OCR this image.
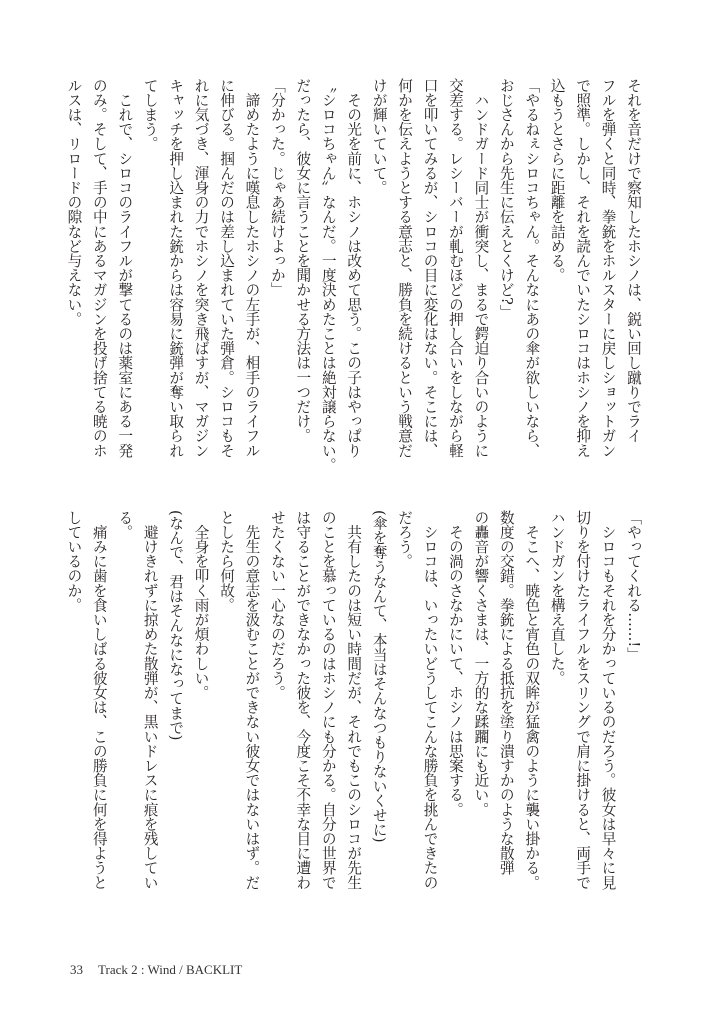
それを音だけで察知したホシノは、鋭い回し蹴りでライ
フルを弾くと同時、拳銃をホルスターに戻しショットガン
で照準。しかし、それを読んでいたシロコはホシノを抑え
込もうとさらに距離を詰める。
「やるねぇシロコちゃん。そんなにあの傘が欲しいなら、
おじさんから先生に伝えとくけど?」
　ハンドガード同士が衝突し、まるで鍔迫り合いのように
交差する。レシーバーが軋むほどの押し合いをしながら軽
口を叩いてみるが、シロコの目に変化はない。そこには、
何かを伝えようとする意志と、勝負を続けるという戦意だ
けが輝いていて。
　その光を前に、ホシノは改めて思う。この子はやっぱり
〝シロコちゃん〟なんだ。一度決めたことは絶対譲らない。
だったら、彼女に言うことを聞かせる方法は一つだけ。
「分かった。じゃあ続けよっか」
　諦めたように嘆息したホシノの左手が、相手のライフル
に伸びる。掴んだのは差し込まれていた弾倉。シロコもそ
れに気づき、渾身の力でホシノを突き飛ばすが、マガジン
キャッチを押し込まれた銃からは容易に銃弾が奪い取られ
てしまう。
　これで、シロコのライフルが撃てるのは薬室にある一発
のみ。そして、手の中にあるマガジンを投げ捨てる暁のホ
ルスは、リロードの隙など与えない。
「やってくれる……!」
　シロコもそれを分かっているのだろう。彼女は早々に見
切りを付けたライフルをスリングで肩に掛けると、両手で
ハンドガンを構え直した。
　そこへ、暁色と宵色の双眸が猛禽のように襲い掛かる。
数度の交錯。拳銃による抵抗を塗り潰すかのような散弾
の轟音が響くさまは、一方的な蹂躙にも近い。
　その渦のさなかにいて、ホシノは思案する。
　シロコは、いったいどうしてこんな勝負を挑んできたの
だろう。
(傘を奪うなんて、本当はそんなつもりないくせに)
　共有したのは短い時間だが、それでもこのシロコが先生
のことを慕っているのはホシノにも分かる。自分の世界で
は守ることができなかった彼を、今度こそ不幸な目に遭わ
せたくない一心なのだろう。
　先生の意志を汲むことができない彼女ではないはず。だ
としたら何故。
　全身を叩く雨が煩わしい。
(なんで、君はそんなになってまで)
　避けきれずに掠めた散弾が、黒いドレスに痕を残してい
る。
　痛みに歯を食いしばる彼女は、この勝負に何を得ようと
しているのか。
33 Track 2 : Wind / BACKLIT
